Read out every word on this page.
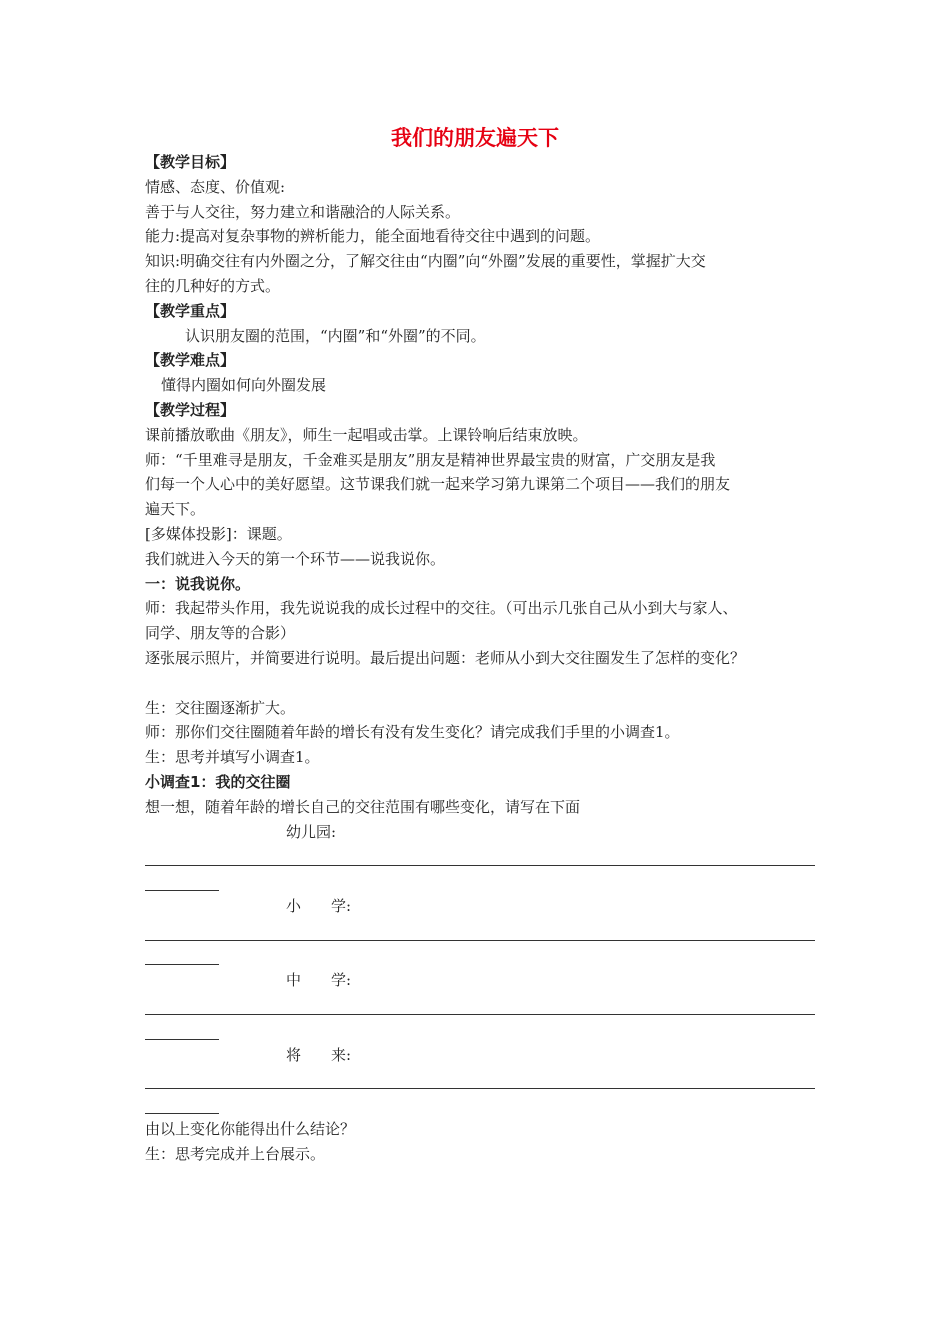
我们的朋友遍天下
【教学目标】
情感、态度、价值观:
善于与人交往，努力建立和谐融洽的人际关系。
能力:提高对复杂事物的辨析能力，能全面地看待交往中遇到的问题。
知识:明确交往有内外圈之分，了解交往由“内圈”向“外圈”发展的重要性，掌握扩大交
往的几种好的方式。
【教学重点】
认识朋友圈的范围，“内圈”和“外圈”的不同。
【教学难点】
懂得内圈如何向外圈发展
【教学过程】
课前播放歌曲《朋友》，师生一起唱或击掌。上课铃响后结束放映。
师：“千里难寻是朋友，千金难买是朋友”朋友是精神世界最宝贵的财富，广交朋友是我
们每一个人心中的美好愿望。这节课我们就一起来学习第九课第二个项目——我们的朋友
遍天下。
[多媒体投影]：课题。
我们就进入今天的第一个环节——说我说你。
一：说我说你。
师：我起带头作用，我先说说我的成长过程中的交往。（可出示几张自己从小到大与家人、
同学、朋友等的合影）
逐张展示照片，并简要进行说明。最后提出问题：老师从小到大交往圈发生了怎样的变化？
生：交往圈逐渐扩大。
师：那你们交往圈随着年龄的增长有没有发生变化？请完成我们手里的小调查1。
生：思考并填写小调查1。
小调查1：我的交往圈
想一想，随着年龄的增长自己的交往范围有哪些变化，请写在下面
幼儿园:
小　　学:
中　　学:
将　　来:
由以上变化你能得出什么结论？
生：思考完成并上台展示。
